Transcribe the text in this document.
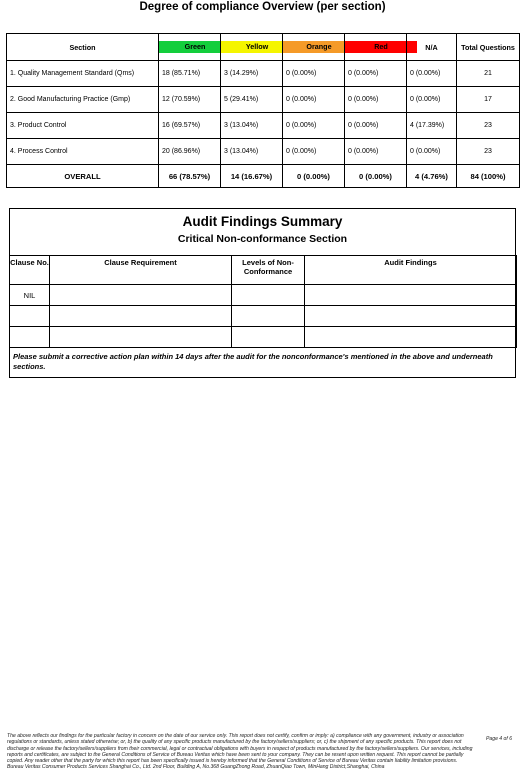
Degree of compliance Overview (per section)
Section	Green	Yellow	Orange	Red	N/A	Total Questions
1. Quality Management Standard (Qms)	18 (85.71%)	3 (14.29%)	0 (0.00%)	0 (0.00%)	0 (0.00%)	21
2. Good Manufacturing Practice (Gmp)	12 (70.59%)	5 (29.41%)	0 (0.00%)	0 (0.00%)	0 (0.00%)	17
3. Product Control	16 (69.57%)	3 (13.04%)	0 (0.00%)	0 (0.00%)	4 (17.39%)	23
4. Process Control	20 (86.96%)	3 (13.04%)	0 (0.00%)	0 (0.00%)	0 (0.00%)	23
OVERALL	66 (78.57%)	14 (16.67%)	0 (0.00%)	0 (0.00%)	4 (4.76%)	84 (100%)
Audit Findings Summary
Critical Non-conformance Section
Clause No.	Clause Requirement	Levels of Non-Conformance	Audit Findings
NIL			

Please submit a corrective action plan within 14 days after the audit for the nonconformance's mentioned in the above and underneath sections.
The above reflects our findings for the particular factory in concern on the date of our service only. This report does not certify, confirm or imply: a) compliance with any government, industry or association regulations or standards, unless stated otherwise; or, b) the quality of any specific products manufactured by the factory/sellers/suppliers; or, c) the shipment of any specific products. This report does not discharge or release the factory/sellers/suppliers from their commercial, legal or contractual obligations with buyers in respect of products manufactured by the factory/sellers/suppliers. Our services, including reports and certificates, are subject to the General Conditions of Service of Bureau Veritas which have been sent to your company. They can be resent upon written request. This report cannot be partially copied. Any reader other that the party for which this report has been specifically issued is hereby informed that the General Conditions of Service of Bureau Veritas contain liability limitation provisions. Bureau Veritas Consumer Products Services Shanghai Co., Ltd. 2nd Floor, Building A, No.368 GuangZhong Road, ZhuanQiao Town, MinHang District,Shanghai, China
Page 4 of 6
